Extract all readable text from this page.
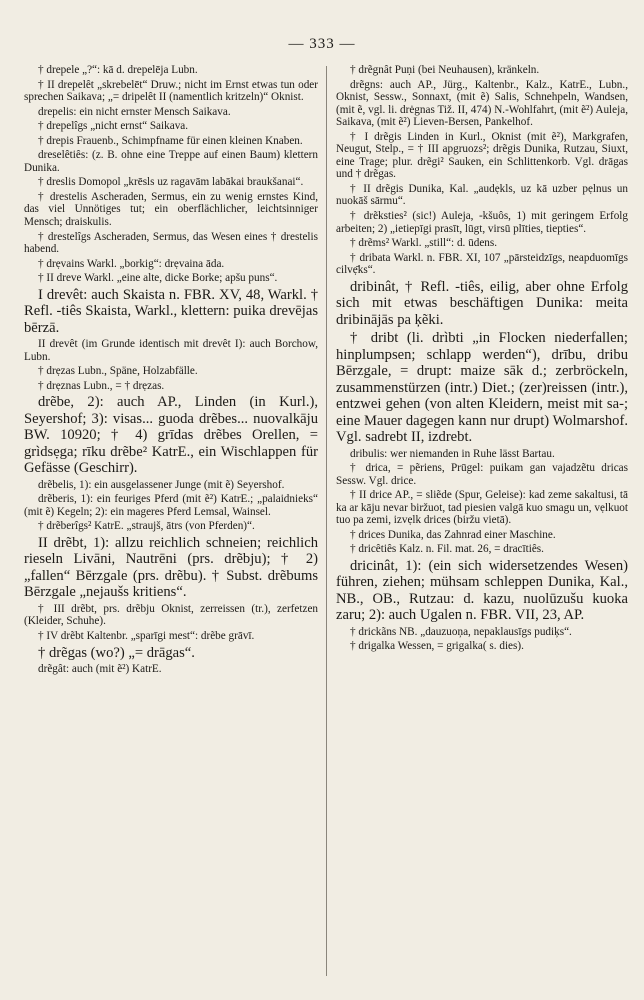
— 333 —

† drepele „?“: kā d. drepelēja Lubn.

† II drepelêt „skrebelēt“ Druw.; nicht im Ernst etwas tun oder sprechen Saikava; „= dripelêt II (namentlich kritzeln)“ Oknist.

drepelis: ein nicht ernster Mensch Saikava.

† drepelîgs „nicht ernst“ Saikava.

† drepis Frauenb., Schimpfname für einen kleinen Knaben.

dreselêtiês: (z. B. ohne eine Treppe auf einen Baum) klettern Dunika.

† dreslis Domopol „krēsls uz ragavām labākai braukšanai“.

† drestelis Ascheraden, Sermus, ein zu wenig ernstes Kind, das viel Unnötiges tut; ein oberflächlicher, leichtsinniger Mensch; draiskulis.

† drestelîgs Ascheraden, Sermus, das Wesen eines † drestelis habend.

† drẹvains Warkl. „borkig“: drẹvaina āda.

† II dreve Warkl. „eine alte, dicke Borke; apšu puns“.

I drevêt: auch Skaista n. FBR. XV, 48, Warkl. † Refl. -tiês Skaista, Warkl., klettern: puika drevējas bērzā.

II drevêt (im Grunde identisch mit drevêt I): auch Borchow, Lubn.

† drẹzas Lubn., Späne, Holzabfälle.

† drẹznas Lubn., = † drẹzas.

drẽbe, 2): auch AP., Linden (in Kurl.), Seyershof; 3): visas... guoda drẽbes... nuovalkāju BW. 10920; † 4) grīdas drẽbes Orellen, = grìdsẹga; rīku drẽbe² KatrE., ein Wischlappen für Gefässe (Geschirr).

drẽbelis, 1): ein ausgelassener Junge (mit ẽ) Seyershof.

drẽberis, 1): ein feuriges Pferd (mit ẽ²) KatrE.; „palaidnieks“ (mit ẽ) Kegeln; 2): ein mageres Pferd Lemsal, Wainsel.

† drẽberîgs² KatrE. „straujš, ātrs (von Pferden)“.

II drẽbt, 1): allzu reichlich schneien; reichlich rieseln Livāni, Nautrēni (prs. drẽbju); † 2) „fallen“ Bērzgale (prs. drẽbu). † Subst. drẽbums Bērzgale „nejaušs kritiens“.

† III drẽbt, prs. drẽbju Oknist, zerreissen (tr.), zerfetzen (Kleider, Schuhe).

† IV drẽbt Kaltenbr. „sparīgi mest“: drẽbe grāvī.

† drẽgas (wo?) „= drāgas“.

drẽgât: auch (mit ẽ²) KatrE.

† drẽgnât Puṇi (bei Neuhausen), kränkeln.

drẽgns: auch AP., Jürg., Kaltenbr., Kalz., KatrE., Lubn., Oknist, Sessw., Sonnaxt, (mit ẽ) Salis, Schnehpeln, Wandsen, (mit ẽ, vgl. li. drėgnas Tiž. II, 474) N.-Wohlfahrt, (mit ẽ²) Auleja, Saikava, (mit ẽ²) Lieven-Bersen, Pankelhof.

† I drẽgis Linden in Kurl., Oknist (mit ẽ²), Markgrafen, Neugut, Stelp., = † III apgruozs²; drẽgis Dunika, Rutzau, Siuxt, eine Trage; plur. drẽgi² Sauken, ein Schlittenkorb. Vgl. drāgas und † drẽgas.

† II drẽgis Dunika, Kal. „audẹkls, uz kā uzber pẹlnus un nuokāš sārmu“.

† drẽksties² (sic!) Auleja, -kšuôs, 1) mit geringem Erfolg arbeiten; 2) „ietiepīgi prasīt, lūgt, virsū plīties, tiepties“.

† drẽms² Warkl. „still“: d. ūdens.

† dribata Warkl. n. FBR. XI, 107 „pārsteidzīgs, neapduomīgs cilvẹ̄ks“.

dribinât, † Refl. -tiês, eilig, aber ohne Erfolg sich mit etwas beschäftigen Dunika: meita dribinājās pa ķẽki.

† dribt (li. drìbti „in Flocken niederfallen; hinplumpsen; schlapp werden“), drību, dribu Bērzgale, = drupt: maize sāk d.; zerbröckeln, zusammenstürzen (intr.) Diet.; (zer)reissen (intr.), entzwei gehen (von alten Kleidern, meist mit sa-; eine Mauer dagegen kann nur drupt) Wolmarshof. Vgl. sadrebt II, izdrebt.

dribulis: wer niemanden in Ruhe lässt Bartau.

† drica, = pẽriens, Prūgel: puikam gan vajadzẽtu dricas Sessw. Vgl. drice.

† II drice AP., = sliẽde (Spur, Geleise): kad zeme sakaltusi, tā ka ar kāju nevar biržuot, tad piesien valgā kuo smagu un, vẹlkuot tuo pa zemi, izvẹlk drices (biržu vietā).

† drices Dunika, das Zahnrad einer Maschine.

† dricêtiês Kalz. n. Fil. mat. 26, = dracītiês.

dricinât, 1): (ein sich widersetzendes Wesen) führen, ziehen; mühsam schleppen Dunika, Kal., NB., OB., Rutzau: d. kazu, nuolūzušu kuoka zaru; 2): auch Ugalen n. FBR. VII, 23, AP.

† drickãns NB. „dauzuoņa, nepaklausīgs pudiķs“.

† drigalka Wessen, = grigalka( s. dies).
